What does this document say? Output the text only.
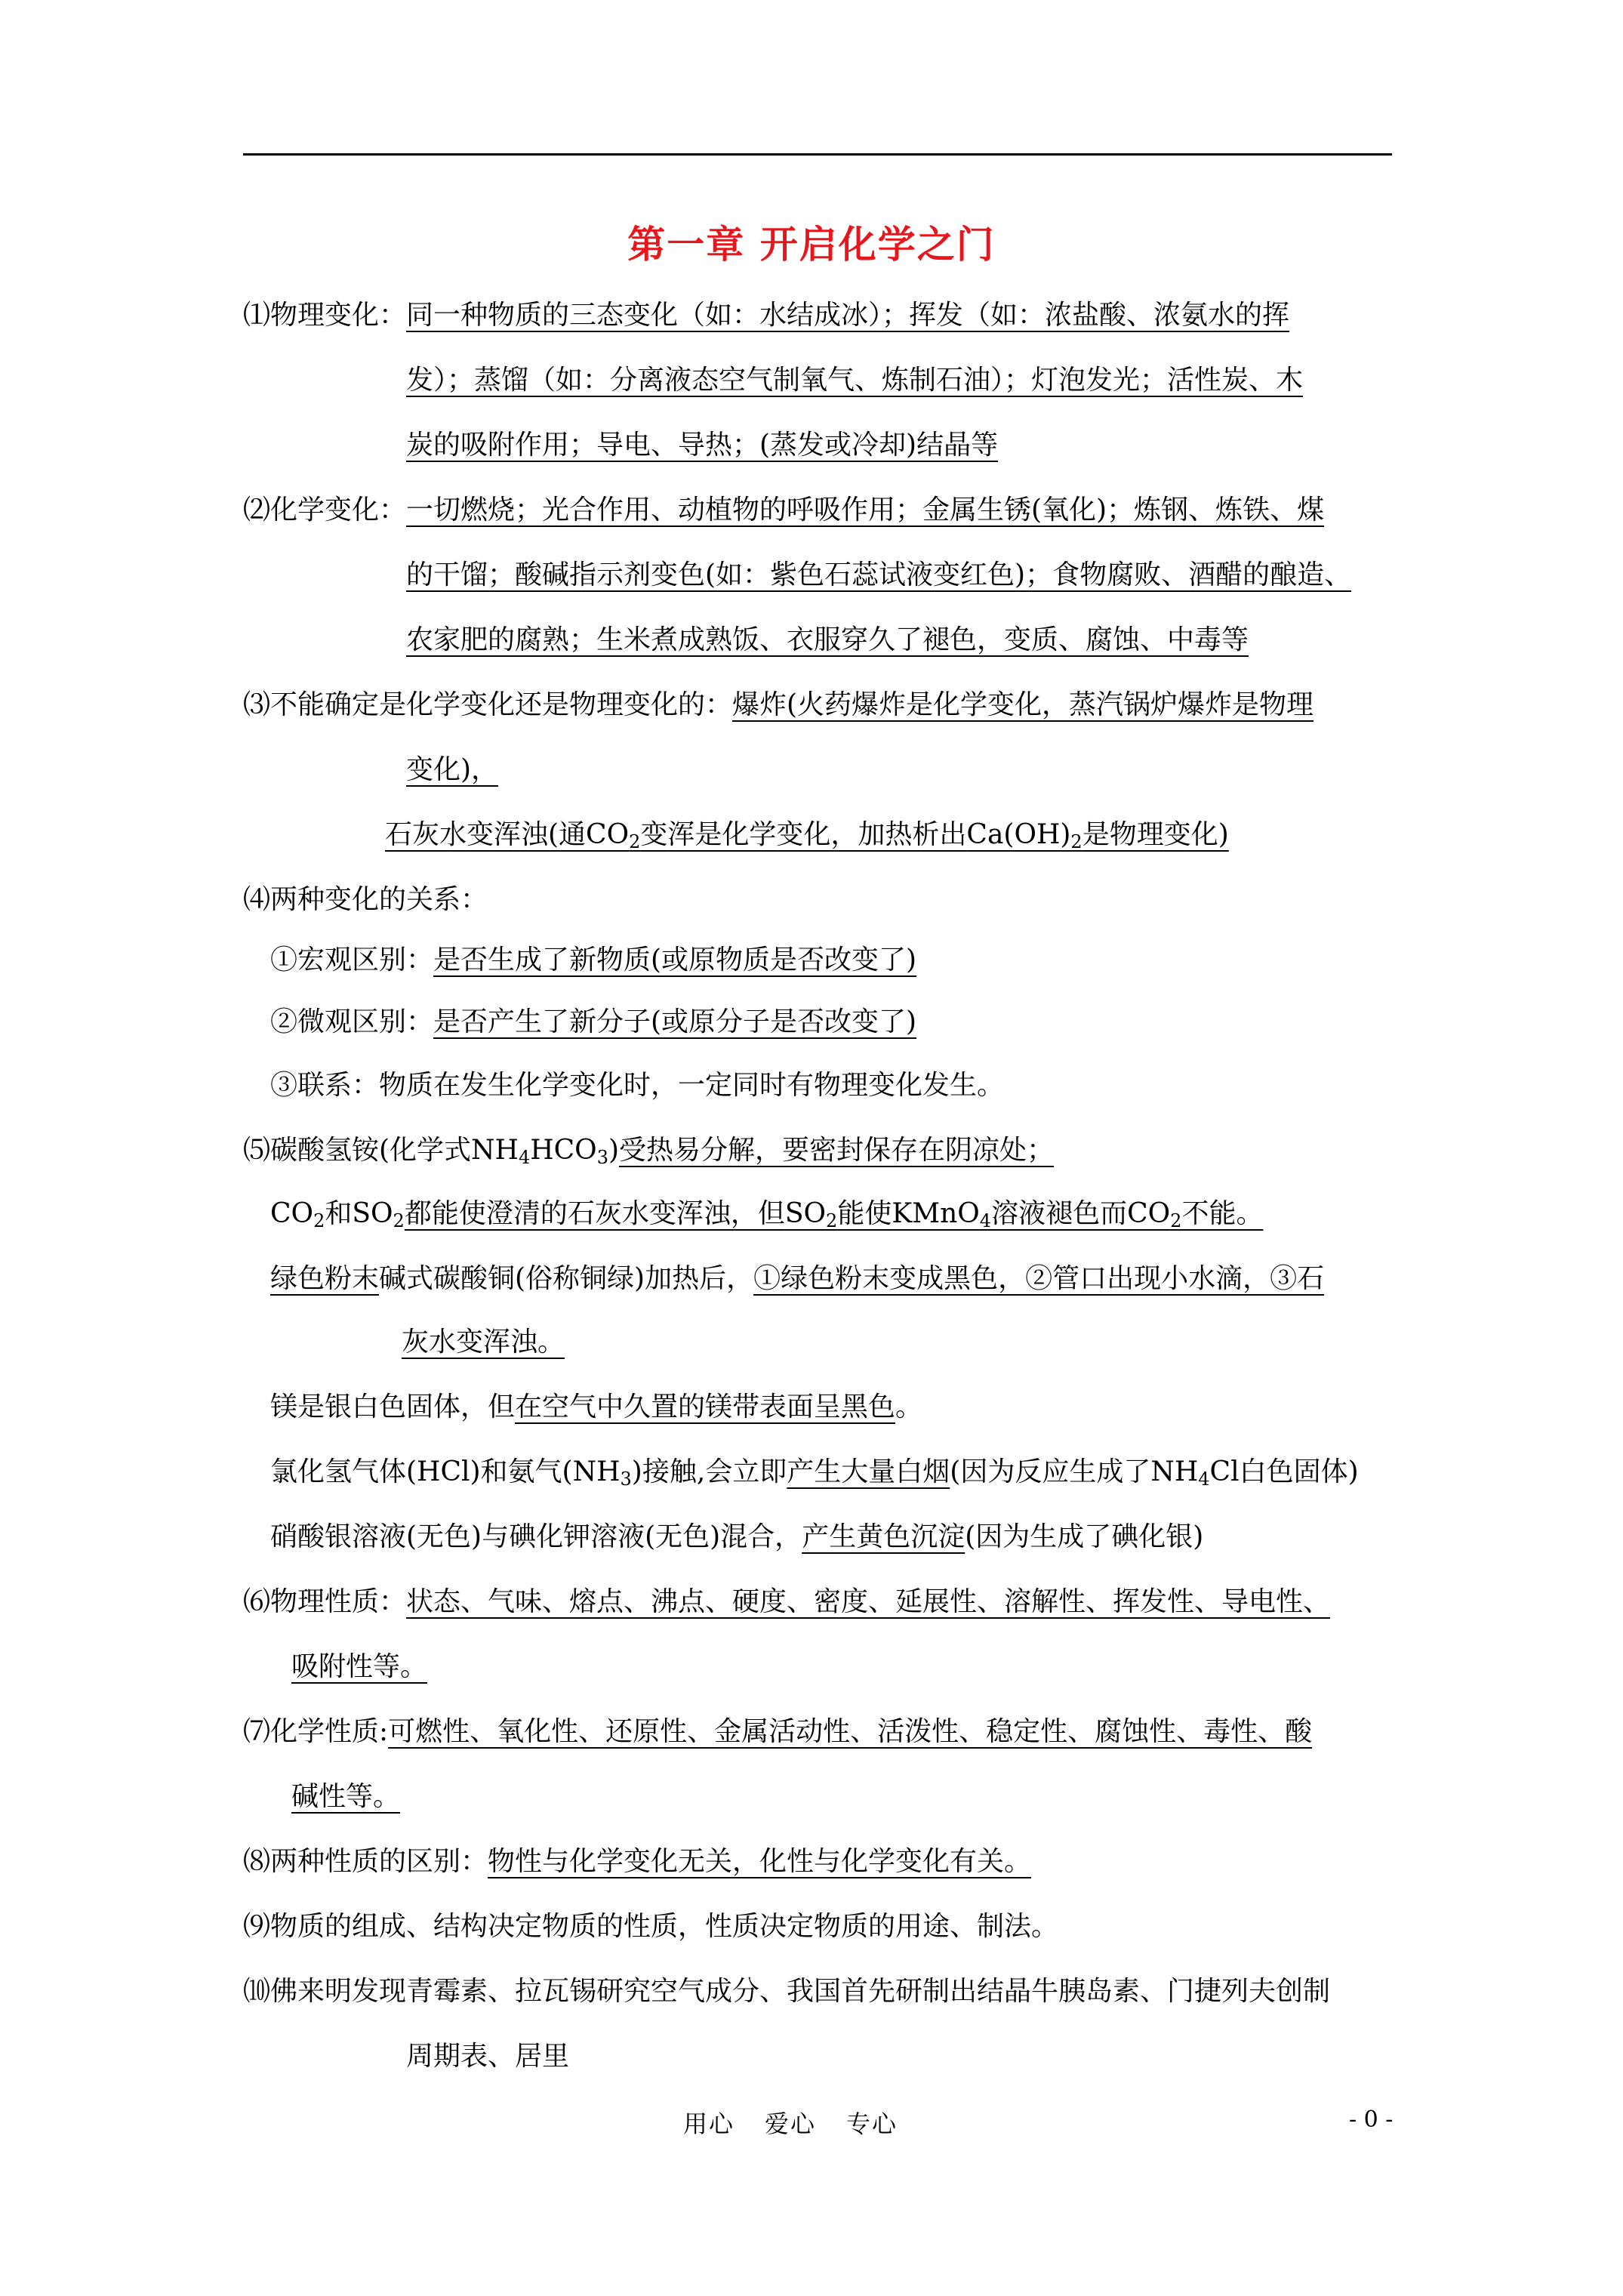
第一章 开启化学之门
⑴物理变化：同一种物质的三态变化（如：水结成冰）；挥发（如：浓盐酸、浓氨水的挥
发）；蒸馏（如：分离液态空气制氧气、炼制石油）；灯泡发光；活性炭、木
炭的吸附作用；导电、导热；(蒸发或冷却)结晶等
⑵化学变化：一切燃烧；光合作用、动植物的呼吸作用；金属生锈(氧化)；炼钢、炼铁、煤
的干馏；酸碱指示剂变色(如：紫色石蕊试液变红色)；食物腐败、酒醋的酿造、
农家肥的腐熟；生米煮成熟饭、衣服穿久了褪色，变质、腐蚀、中毒等
⑶不能确定是化学变化还是物理变化的：爆炸(火药爆炸是化学变化，蒸汽锅炉爆炸是物理
变化)，
石灰水变浑浊(通$CO_2$变浑是化学变化，加热析出$Ca(OH)_2$是物理变化)
⑷两种变化的关系：
①宏观区别：是否生成了新物质(或原物质是否改变了)
②微观区别：是否产生了新分子(或原分子是否改变了)
③联系：物质在发生化学变化时，一定同时有物理变化发生。
⑸碳酸氢铵(化学式$NH_4HCO_3$)受热易分解，要密封保存在阴凉处；
$CO_2$和$SO_2$都能使澄清的石灰水变浑浊，但$SO_2$能使KMnO$_4$溶液褪色而$CO_2$不能。
绿色粉末碱式碳酸铜(俗称铜绿)加热后，①绿色粉末变成黑色，②管口出现小水滴，③石
灰水变浑浊。
镁是银白色固体，但在空气中久置的镁带表面呈黑色。
氯化氢气体(HCl)和氨气$(NH_3)$接触,会立即产生大量白烟(因为反应生成了$NH_4Cl$白色固体)
硝酸银溶液(无色)与碘化钾溶液(无色)混合，产生黄色沉淀(因为生成了碘化银)
⑹物理性质：状态、气味、熔点、沸点、硬度、密度、延展性、溶解性、挥发性、导电性、
吸附性等。
⑺化学性质:可燃性、氧化性、还原性、金属活动性、活泼性、稳定性、腐蚀性、毒性、酸
碱性等。
⑻两种性质的区别：物性与化学变化无关，化性与化学变化有关。
⑼物质的组成、结构决定物质的性质，性质决定物质的用途、制法。
⑽佛来明发现青霉素、拉瓦锡研究空气成分、我国首先研制出结晶牛胰岛素、门捷列夫创制
周期表、居里
用心 爱心 专心	- 0 -
